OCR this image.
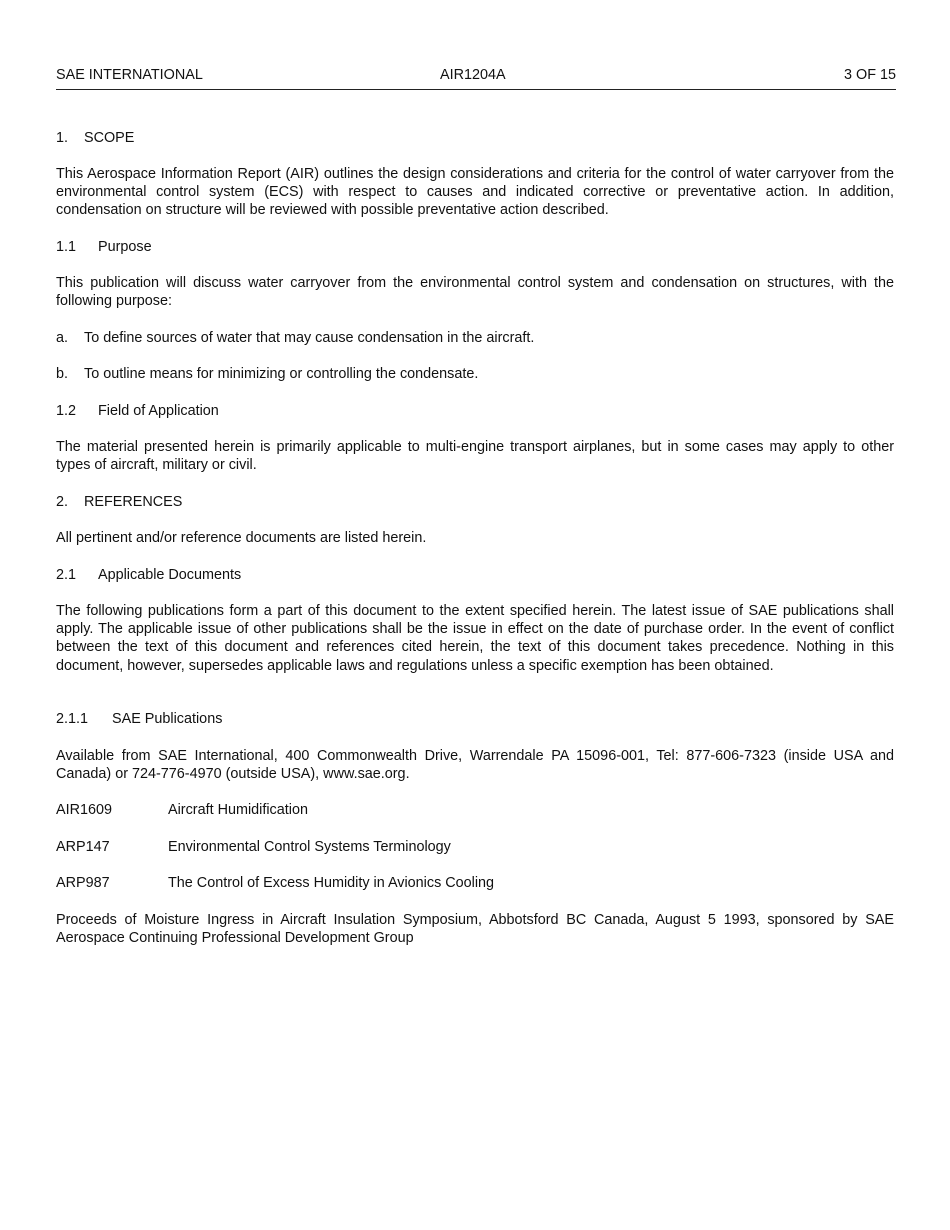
SAE INTERNATIONAL	AIR1204A	3 OF 15
1. SCOPE

This Aerospace Information Report (AIR) outlines the design considerations and criteria for the control of water carryover from the environmental control system (ECS) with respect to causes and indicated corrective or preventative action. In addition, condensation on structure will be reviewed with possible preventative action described.

1.1 Purpose

This publication will discuss water carryover from the environmental control system and condensation on structures, with the following purpose:

a. To define sources of water that may cause condensation in the aircraft.
b. To outline means for minimizing or controlling the condensate.
1.2 Field of Application

The material presented herein is primarily applicable to multi-engine transport airplanes, but in some cases may apply to other types of aircraft, military or civil.

2. REFERENCES

All pertinent and/or reference documents are listed herein.

2.1 Applicable Documents

The following publications form a part of this document to the extent specified herein. The latest issue of SAE publications shall apply. The applicable issue of other publications shall be the issue in effect on the date of purchase order. In the event of conflict between the text of this document and references cited herein, the text of this document takes precedence. Nothing in this document, however, supersedes applicable laws and regulations unless a specific exemption has been obtained.

2.1.1 SAE Publications

Available from SAE International, 400 Commonwealth Drive, Warrendale PA 15096-001, Tel: 877-606-7323 (inside USA and Canada) or 724-776-4970 (outside USA), www.sae.org.

AIR1609	Aircraft Humidification
ARP147	Environmental Control Systems Terminology
ARP987	The Control of Excess Humidity in Avionics Cooling

Proceeds of Moisture Ingress in Aircraft Insulation Symposium, Abbotsford BC Canada, August 5 1993, sponsored by SAE Aerospace Continuing Professional Development Group
